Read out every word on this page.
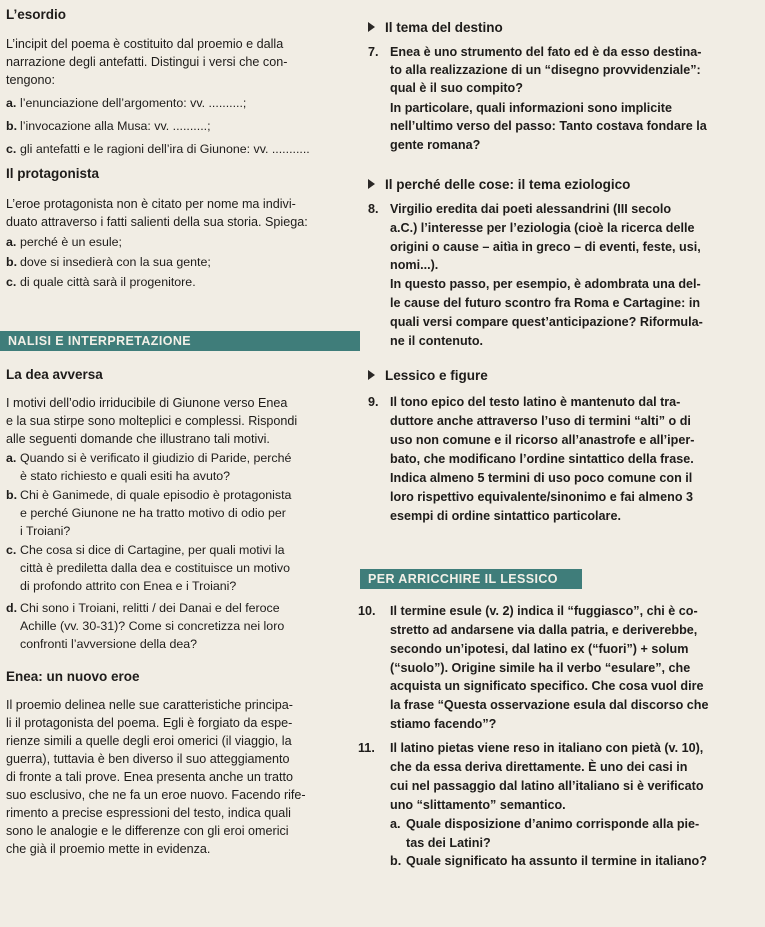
L’esordio

L’incipit del poema è costituito dal proemio e dalla

narrazione degli antefatti. Distingui i versi che con-

tengono:

a. l’enunciazione dell’argomento: vv. ..........;

b. l’invocazione alla Musa: vv. ..........;

c. gli antefatti e le ragioni dell’ira di Giunone: vv. ...........

Il protagonista

L’eroe protagonista non è citato per nome ma indivi-

duato attraverso i fatti salienti della sua storia. Spiega:

a. perché è un esule;

b. dove si insedierà con la sua gente;

c. di quale città sarà il progenitore.

NALISI E INTERPRETAZIONE
La dea avversa

I motivi dell’odio irriducibile di Giunone verso Enea

e la sua stirpe sono molteplici e complessi. Rispondi

alle seguenti domande che illustrano tali motivi.

a. Quando si è verificato il giudizio di Paride, perché

è stato richiesto e quali esiti ha avuto?

b. Chi è Ganimede, di quale episodio è protagonista

e perché Giunone ne ha tratto motivo di odio per

i Troiani?

c. Che cosa si dice di Cartagine, per quali motivi la

città è prediletta dalla dea e costituisce un motivo

di profondo attrito con Enea e i Troiani?

d. Chi sono i Troiani, relitti / dei Danai e del feroce

Achille (vv. 30-31)? Come si concretizza nei loro

confronti l’avversione della dea?

Enea: un nuovo eroe

Il proemio delinea nelle sue caratteristiche principa-

li il protagonista del poema. Egli è forgiato da espe-

rienze simili a quelle degli eroi omerici (il viaggio, la

guerra), tuttavia è ben diverso il suo atteggiamento

di fronte a tali prove. Enea presenta anche un tratto

suo esclusivo, che ne fa un eroe nuovo. Facendo rife-

rimento a precise espressioni del testo, indica quali

sono le analogie e le differenze con gli eroi omerici

che già il proemio mette in evidenza.

Il tema del destino

7. Enea è uno strumento del fato ed è da esso destina-

to alla realizzazione di un “disegno provvidenziale”:

qual è il suo compito?

In particolare, quali informazioni sono implicite

nell’ultimo verso del passo: Tanto costava fondare la

gente romana?

Il perché delle cose: il tema eziologico

8. Virgilio eredita dai poeti alessandrini (III secolo

a.C.) l’interesse per l’eziologia (cioè la ricerca delle

origini o cause – aitìa in greco – di eventi, feste, usi,

nomi...).

In questo passo, per esempio, è adombrata una del-

le cause del futuro scontro fra Roma e Cartagine: in

quali versi compare quest’anticipazione? Riformula-

ne il contenuto.

Lessico e figure

9. Il tono epico del testo latino è mantenuto dal tra-

duttore anche attraverso l’uso di termini “alti” o di

uso non comune e il ricorso all’anastrofe e all’iper-

bato, che modificano l’ordine sintattico della frase.

Indica almeno 5 termini di uso poco comune con il

loro rispettivo equivalente/sinonimo e fai almeno 3

esempi di ordine sintattico particolare.

PER ARRICCHIRE IL LESSICO

10. Il termine esule (v. 2) indica il “fuggiasco”, chi è co-

stretto ad andarsene via dalla patria, e deriverebbe,

secondo un’ipotesi, dal latino ex (“fuori”) + solum

(“suolo”). Origine simile ha il verbo “esulare”, che

acquista un significato specifico. Che cosa vuol dire

la frase “Questa osservazione esula dal discorso che

stiamo facendo”?

11. Il latino pietas viene reso in italiano con pietà (v. 10),

che da essa deriva direttamente. È uno dei casi in

cui nel passaggio dal latino all’italiano si è verificato

uno “slittamento” semantico.

a. Quale disposizione d’animo corrisponde alla pie-

tas dei Latini?

b. Quale significato ha assunto il termine in italiano?
